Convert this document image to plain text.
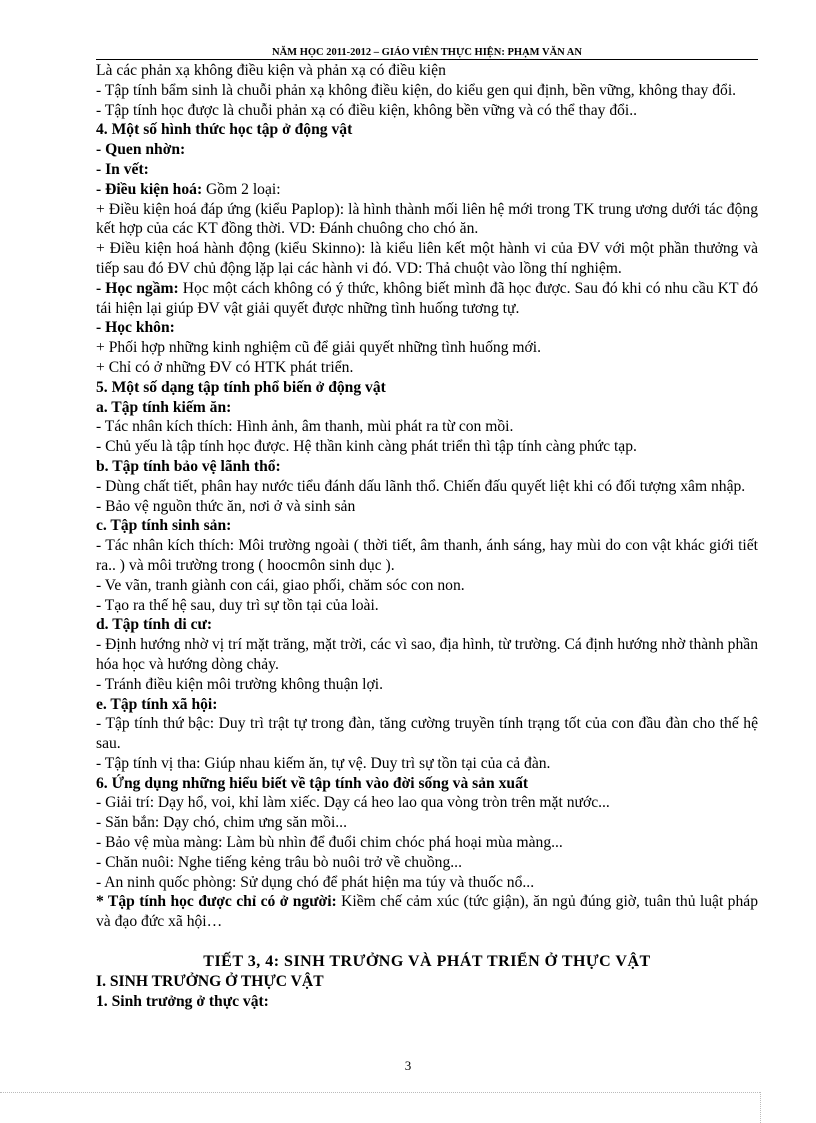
NĂM HỌC 2011-2012 – GIÁO VIÊN THỰC HIỆN: PHẠM VĂN AN

Là các phản xạ không điều kiện và phản xạ có điều kiện

- Tập tính bẩm sinh là chuỗi phản xạ không điều kiện, do kiểu gen qui định, bền vững, không thay đổi.

- Tập tính học được là chuỗi phản xạ có điều kiện, không bền vững và có thể thay đổi..

4. Một số hình thức học tập ở động vật

- Quen nhờn:

- In vết:

- Điều kiện hoá: Gồm 2 loại:

+ Điều kiện hoá đáp ứng (kiểu Paplop): là hình thành mối liên hệ mới trong TK trung ương dưới tác động kết hợp của các KT đồng thời. VD: Đánh chuông cho chó ăn.

+ Điều kiện hoá hành động (kiểu Skinno): là kiểu liên kết một hành vi của ĐV với một phần thưởng và tiếp sau đó ĐV chủ động lặp lại các hành vi đó. VD: Thả chuột vào lồng thí nghiệm.

- Học ngầm: Học một cách không có ý thức, không biết mình đã học được. Sau đó khi có nhu cầu KT đó tái hiện lại giúp ĐV vật giải quyết được những tình huống tương tự.

- Học khôn:

+ Phối hợp những kinh nghiệm cũ để giải quyết những tình huống mới.

+ Chỉ có ở những ĐV có HTK phát triển.

5. Một số dạng tập tính phổ biến ở động vật

a. Tập tính kiếm ăn:

- Tác nhân kích thích: Hình ảnh, âm thanh, mùi phát ra từ con mồi.

- Chủ yếu là tập tính học được. Hệ thần kinh càng phát triển thì tập tính càng phức tạp.

b. Tập tính bảo vệ lãnh thổ:

- Dùng chất tiết, phân hay nước tiểu đánh dấu lãnh thổ. Chiến đấu quyết liệt khi có đối tượng xâm nhập.

- Bảo vệ nguồn thức ăn, nơi ở và sinh sản

c. Tập tính sinh sản:

- Tác nhân kích thích: Môi trường ngoài ( thời tiết, âm thanh, ánh sáng, hay mùi do con vật khác giới tiết ra.. ) và môi trường trong ( hoocmôn sinh dục ).

- Ve vãn, tranh giành con cái, giao phối, chăm sóc con non.

- Tạo ra thế hệ sau, duy trì sự tồn tại của loài.

d. Tập tính di cư:

- Định hướng nhờ vị trí mặt trăng, mặt trời, các vì sao, địa hình, từ trường. Cá định hướng nhờ thành phần hóa học và hướng dòng chảy.

- Tránh điều kiện môi trường không thuận lợi.

e. Tập tính xã hội:

- Tập tính thứ bậc: Duy trì trật tự trong đàn, tăng cường truyền tính trạng tốt của con đầu đàn cho thế hệ sau.

- Tập tính vị tha: Giúp nhau kiếm ăn, tự vệ. Duy trì sự tồn tại của cả đàn.

6. Ứng dụng những hiểu biết về tập tính vào đời sống và sản xuất

- Giải trí: Dạy hổ, voi, khỉ làm xiếc. Dạy cá heo lao qua vòng tròn trên mặt nước...

- Săn bắn: Dạy chó, chim ưng săn mồi...

- Bảo vệ mùa màng: Làm bù nhìn để đuổi chim chóc phá hoại mùa màng...

- Chăn nuôi: Nghe tiếng kẻng trâu bò nuôi trở về chuồng...

- An ninh quốc phòng: Sử dụng chó để phát hiện ma túy và thuốc nổ...

* Tập tính học được chỉ có ở người: Kiềm chế cảm xúc (tức giận), ăn ngủ đúng giờ, tuân thủ luật pháp và đạo đức xã hội…

TIẾT 3, 4: SINH TRƯỞNG VÀ PHÁT TRIỂN Ở THỰC VẬT

I. SINH TRƯỞNG Ở THỰC VẬT

1. Sinh trưởng ở thực vật:

3
